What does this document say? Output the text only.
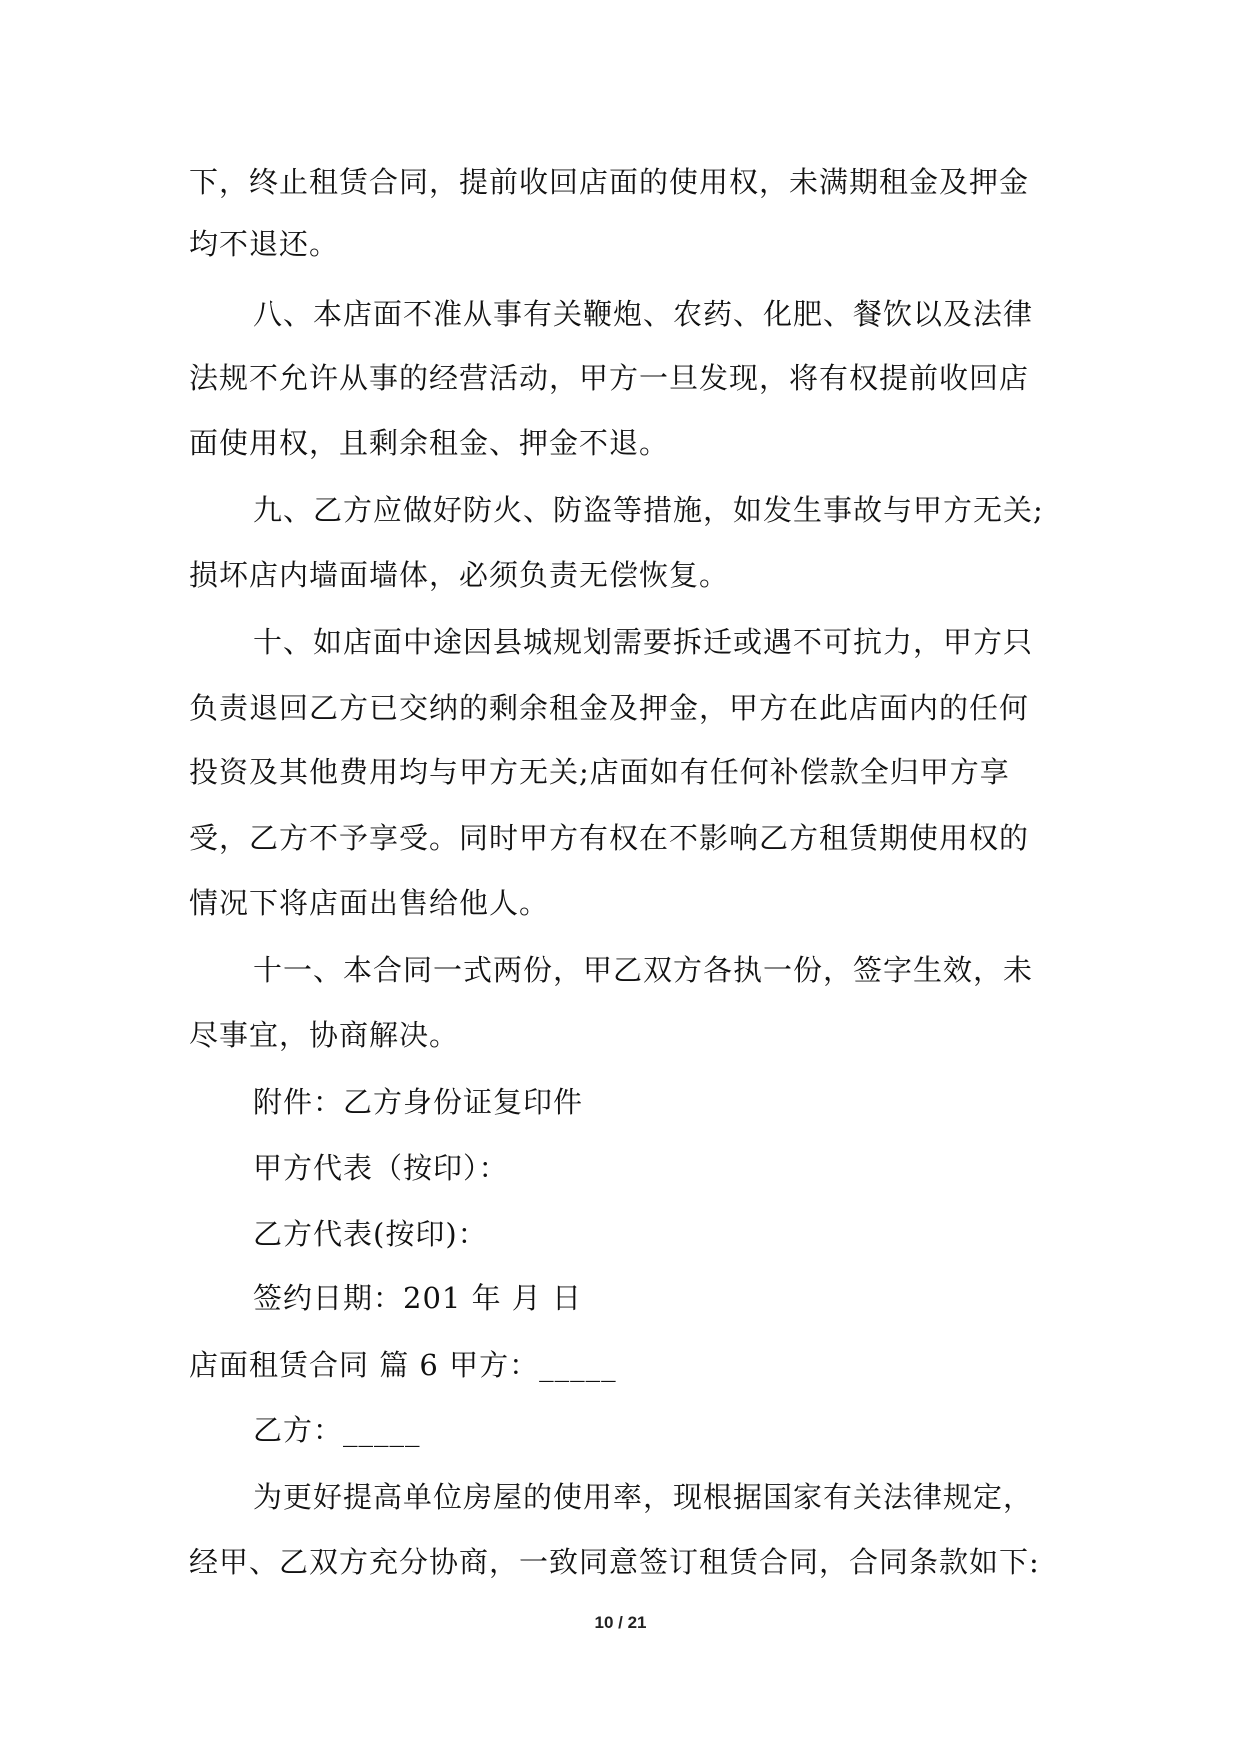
下，终止租赁合同，提前收回店面的使用权，未满期租金及押金
均不退还。
八、本店面不准从事有关鞭炮、农药、化肥、餐饮以及法律
法规不允许从事的经营活动，甲方一旦发现，将有权提前收回店
面使用权，且剩余租金、押金不退。
九、乙方应做好防火、防盗等措施，如发生事故与甲方无关;
损坏店内墙面墙体，必须负责无偿恢复。
十、如店面中途因县城规划需要拆迁或遇不可抗力，甲方只
负责退回乙方已交纳的剩余租金及押金，甲方在此店面内的任何
投资及其他费用均与甲方无关;店面如有任何补偿款全归甲方享
受，乙方不予享受。同时甲方有权在不影响乙方租赁期使用权的
情况下将店面出售给他人。
十一、本合同一式两份，甲乙双方各执一份，签字生效，未
尽事宜，协商解决。
附件：乙方身份证复印件
甲方代表（按印）：
乙方代表(按印)：
签约日期：201 年 月 日
店面租赁合同 篇 6 甲方：_____
乙方：_____
为更好提高单位房屋的使用率，现根据国家有关法律规定，
经甲、乙双方充分协商，一致同意签订租赁合同，合同条款如下:
10 / 21
